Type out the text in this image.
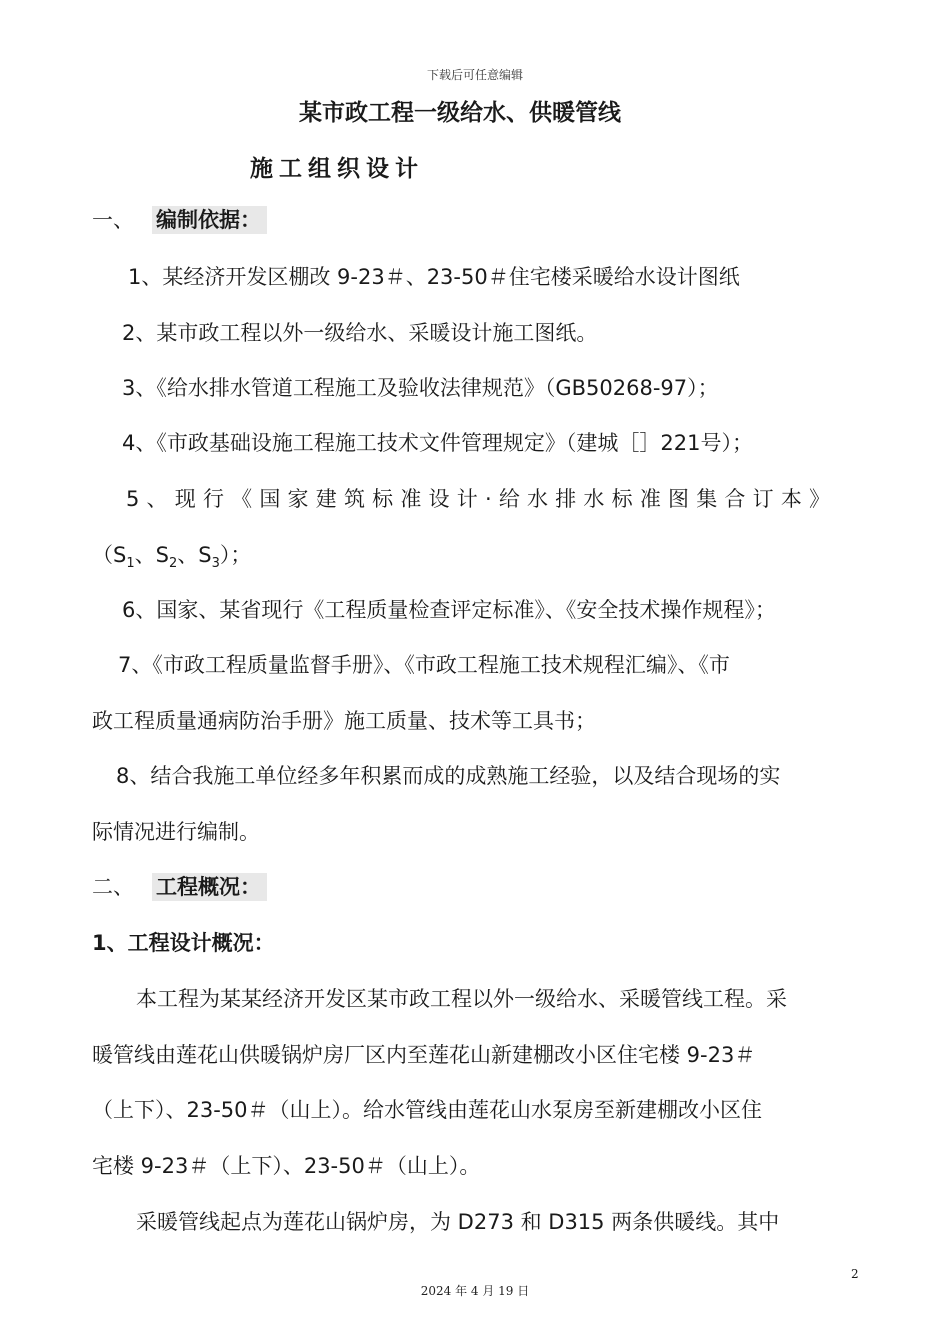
下载后可任意编辑
某市政工程一级给水、供暖管线
施工组织设计
一、 编制依据：
1、某经济开发区棚改 9-23＃、23-50＃住宅楼采暖给水设计图纸
2、某市政工程以外一级给水、采暖设计施工图纸。
3、《给水排水管道工程施工及验收法律规范》（GB50268-97）；
4、《市政基础设施工程施工技术文件管理规定》（建城［］221号）；
5、现行《国家建筑标准设计·给水排水标准图集合订本》
（$S_1$、$S_2$、$S_3$）；
6、国家、某省现行《工程质量检查评定标准》、《安全技术操作规程》；
7、《市政工程质量监督手册》、《市政工程施工技术规程汇编》、《市
政工程质量通病防治手册》施工质量、技术等工具书；
8、结合我施工单位经多年积累而成的成熟施工经验，以及结合现场的实
际情况进行编制。
二、 工程概况：
1、工程设计概况：
本工程为某某经济开发区某市政工程以外一级给水、采暖管线工程。采
暖管线由莲花山供暖锅炉房厂区内至莲花山新建棚改小区住宅楼 9-23＃
（上下）、23-50＃（山上）。给水管线由莲花山水泵房至新建棚改小区住
宅楼 9-23＃（上下）、23-50＃（山上）。
采暖管线起点为莲花山锅炉房，为 D273 和 D315 两条供暖线。其中
2
2024 年 4 月 19 日
